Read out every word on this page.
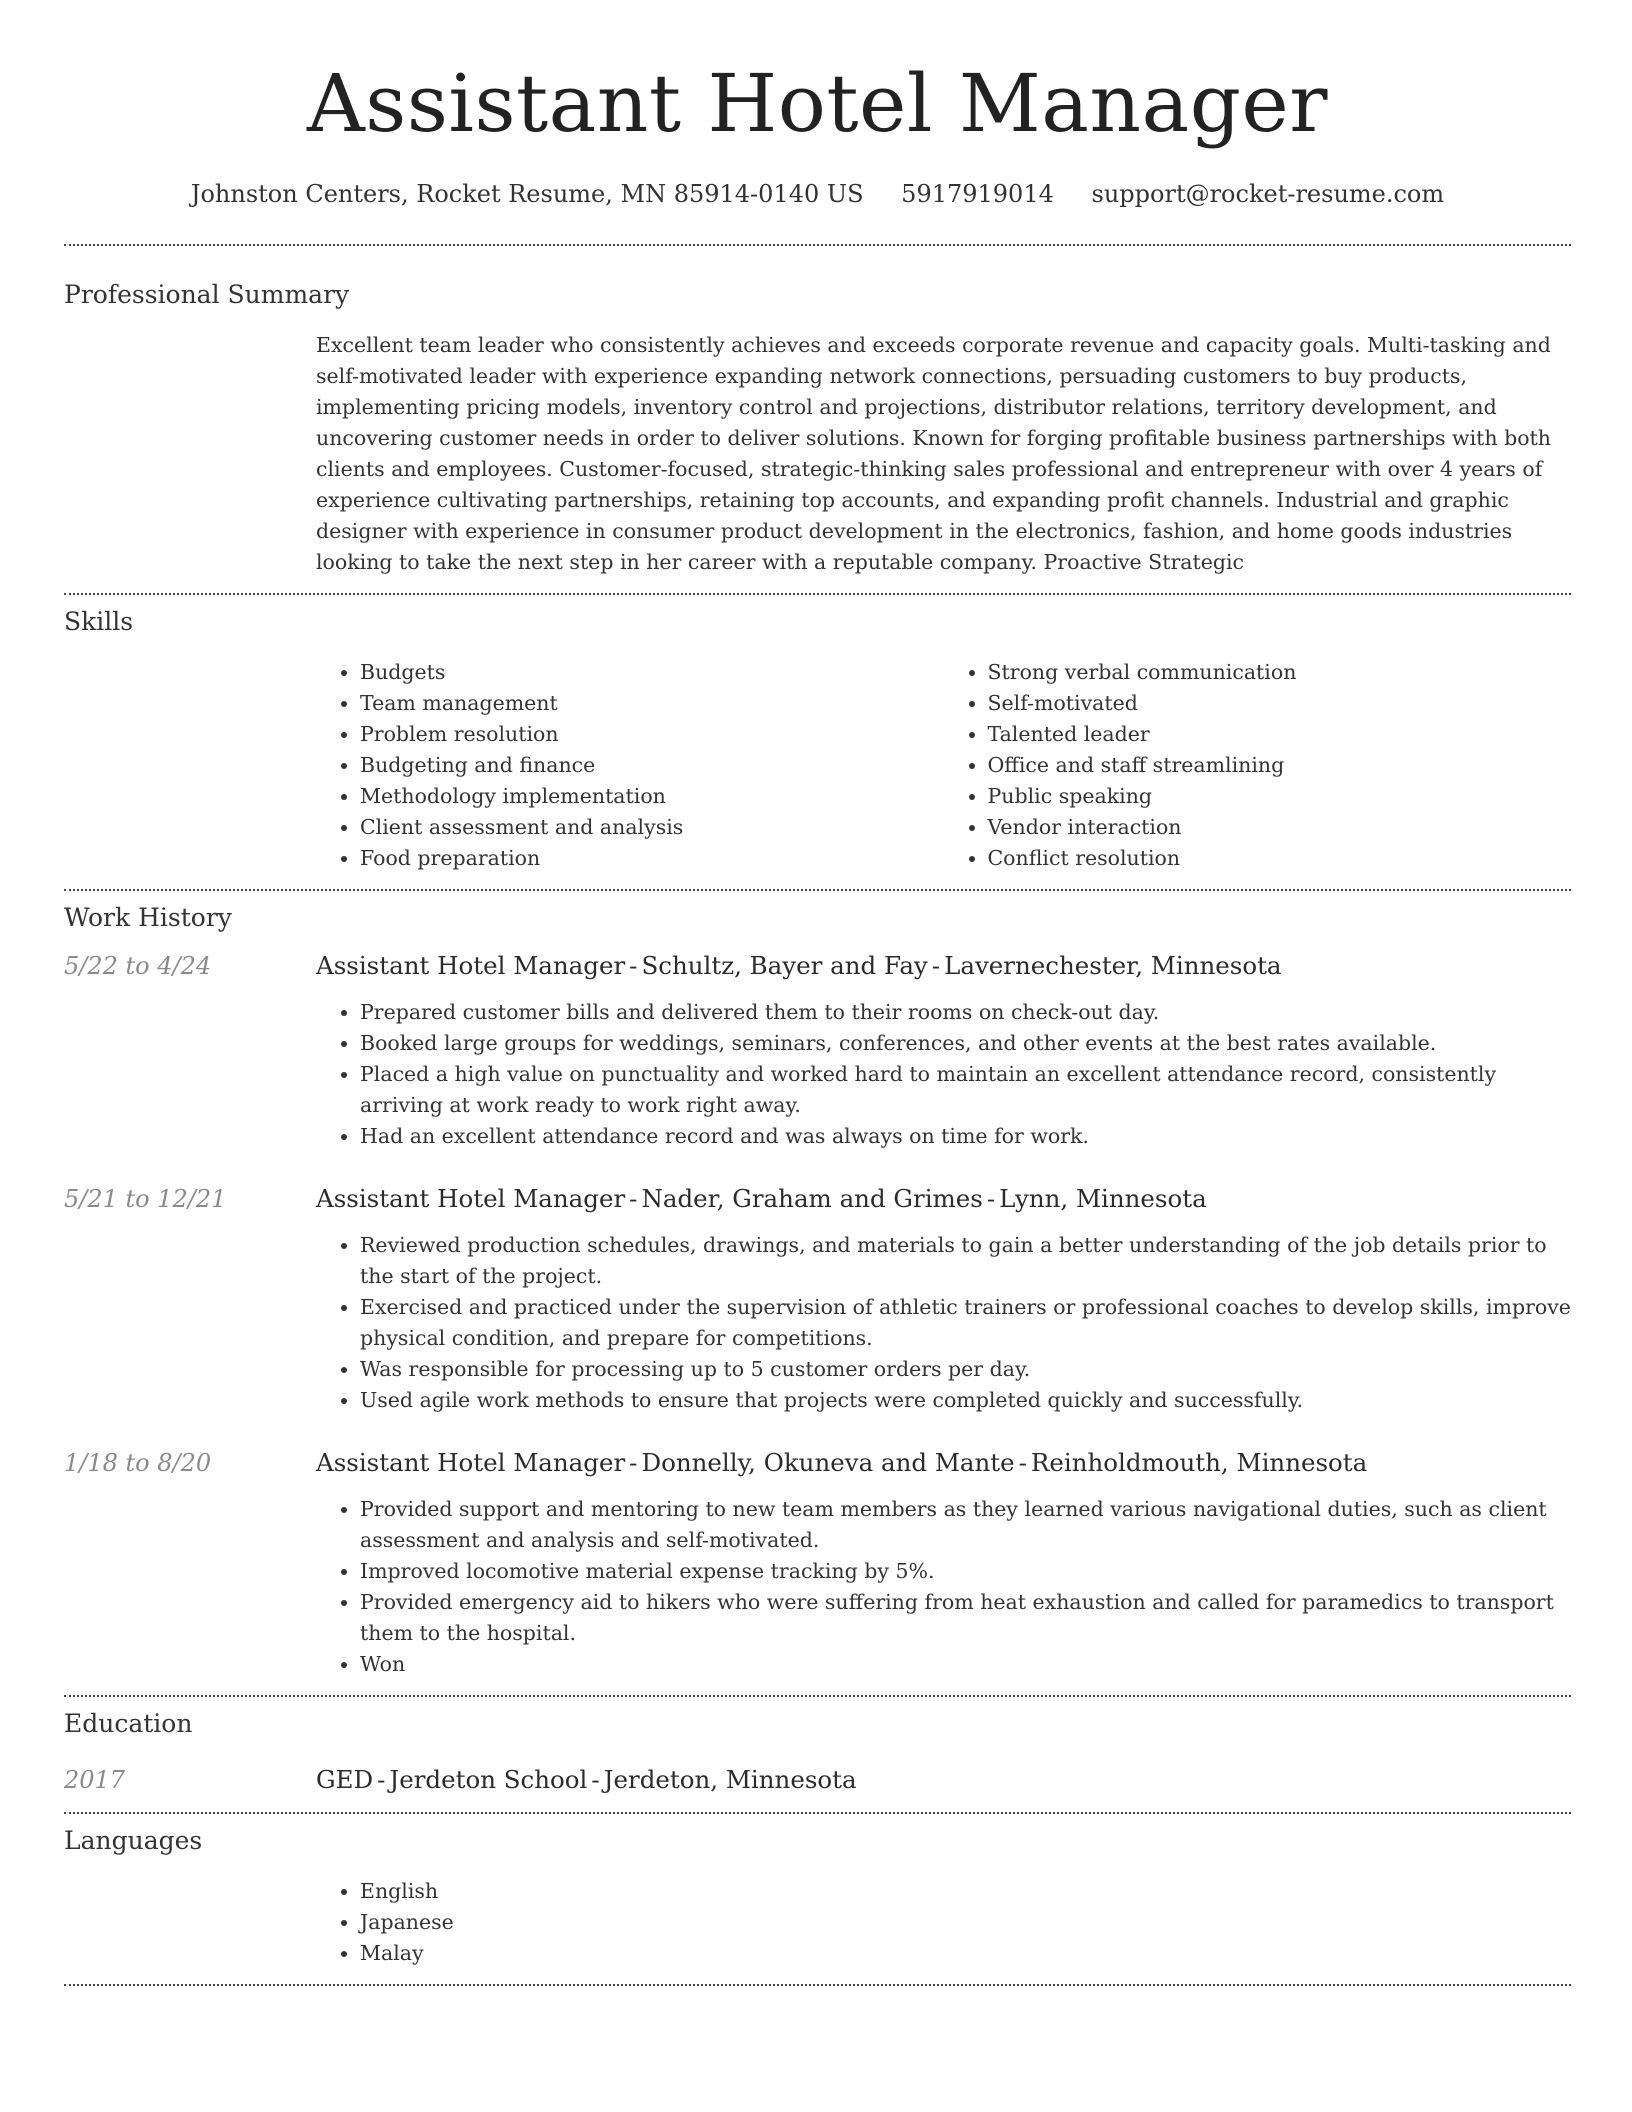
Assistant Hotel Manager
Johnston Centers, Rocket Resume, MN 85914-0140 US 5917919014 support@rocket-resume.com
Professional Summary

Excellent team leader who consistently achieves and exceeds corporate revenue and capacity goals. Multi-tasking and self-motivated leader with experience expanding network connections, persuading customers to buy products, implementing pricing models, inventory control and projections, distributor relations, territory development, and uncovering customer needs in order to deliver solutions. Known for forging profitable business partnerships with both clients and employees. Customer-focused, strategic-thinking sales professional and entrepreneur with over 4 years of experience cultivating partnerships, retaining top accounts, and expanding profit channels. Industrial and graphic designer with experience in consumer product development in the electronics, fashion, and home goods industries looking to take the next step in her career with a reputable company. Proactive Strategic

Skills
• Budgets
• Team management
• Problem resolution
• Budgeting and finance
• Methodology implementation
• Client assessment and analysis
• Food preparation
• Strong verbal communication
• Self-motivated
• Talented leader
• Office and staff streamlining
• Public speaking
• Vendor interaction
• Conflict resolution
Work History
5/22 to 4/24	Assistant Hotel Manager - Schultz, Bayer and Fay - Lavernechester, Minnesota

• Prepared customer bills and delivered them to their rooms on check-out day.
• Booked large groups for weddings, seminars, conferences, and other events at the best rates available.
• Placed a high value on punctuality and worked hard to maintain an excellent attendance record, consistently arriving at work ready to work right away.
• Had an excellent attendance record and was always on time for work.
5/21 to 12/21	Assistant Hotel Manager - Nader, Graham and Grimes - Lynn, Minnesota

• Reviewed production schedules, drawings, and materials to gain a better understanding of the job details prior to the start of the project.
• Exercised and practiced under the supervision of athletic trainers or professional coaches to develop skills, improve physical condition, and prepare for competitions.
• Was responsible for processing up to 5 customer orders per day.
• Used agile work methods to ensure that projects were completed quickly and successfully.
1/18 to 8/20	Assistant Hotel Manager - Donnelly, Okuneva and Mante - Reinholdmouth, Minnesota

• Provided support and mentoring to new team members as they learned various navigational duties, such as client assessment and analysis and self-motivated.
• Improved locomotive material expense tracking by 5%.
• Provided emergency aid to hikers who were suffering from heat exhaustion and called for paramedics to transport them to the hospital.
• Won
Education
2017	GED - Jerdeton School - Jerdeton, Minnesota

Languages
• English
• Japanese
• Malay
